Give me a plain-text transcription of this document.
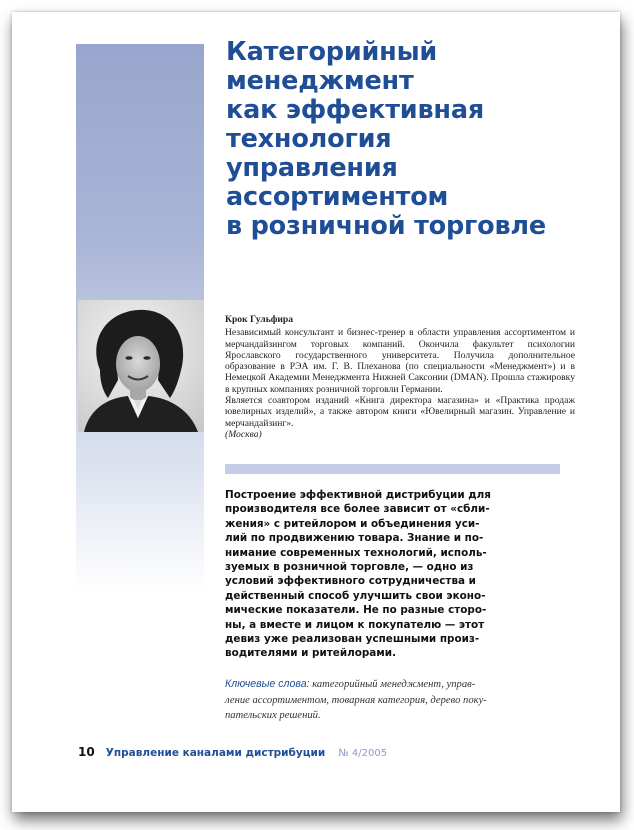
Категорийный
менеджмент
как эффективная
технология
управления
ассортиментом
в розничной торговле

Крок Гульфира

Независимый консультант и бизнес-тренер в области управления ассортиментом и мерчандайзингом торговых компаний. Окончила факультет психологии Ярославского государственного университета. Получила дополнительное образование в РЭА им. Г. В. Плеханова (по специальности «Менеджмент») и в Немецкой Академии Менеджмента Нижней Саксонии (DMAN). Прошла стажировку в крупных компаниях розничной торговли Германии.

Является соавтором изданий «Книга директора магазина» и «Практика продаж ювелирных изделий», а также автором книги «Ювелирный магазин. Управление и мерчандайзинг».

(Москва)

Построение эффективной дистрибуции для
производителя все более зависит от «сбли-
жения» с ритейлором и объединения уси-
лий по продвижению товара. Знание и по-
нимание современных технологий, исполь-
зуемых в розничной торговле, — одно из
условий эффективного сотрудничества и
действенный способ улучшить свои эконо-
мические показатели. Не по разные сторо-
ны, а вместе и лицом к покупателю — этот
девиз уже реализован успешными произ-
водителями и ритейлорами.

Ключевые слова: категорийный менеджмент, управ-
ление ассортиментом, товарная категория, дерево поку-
пательских решений.
10 Управление каналами дистрибуции № 4/2005
